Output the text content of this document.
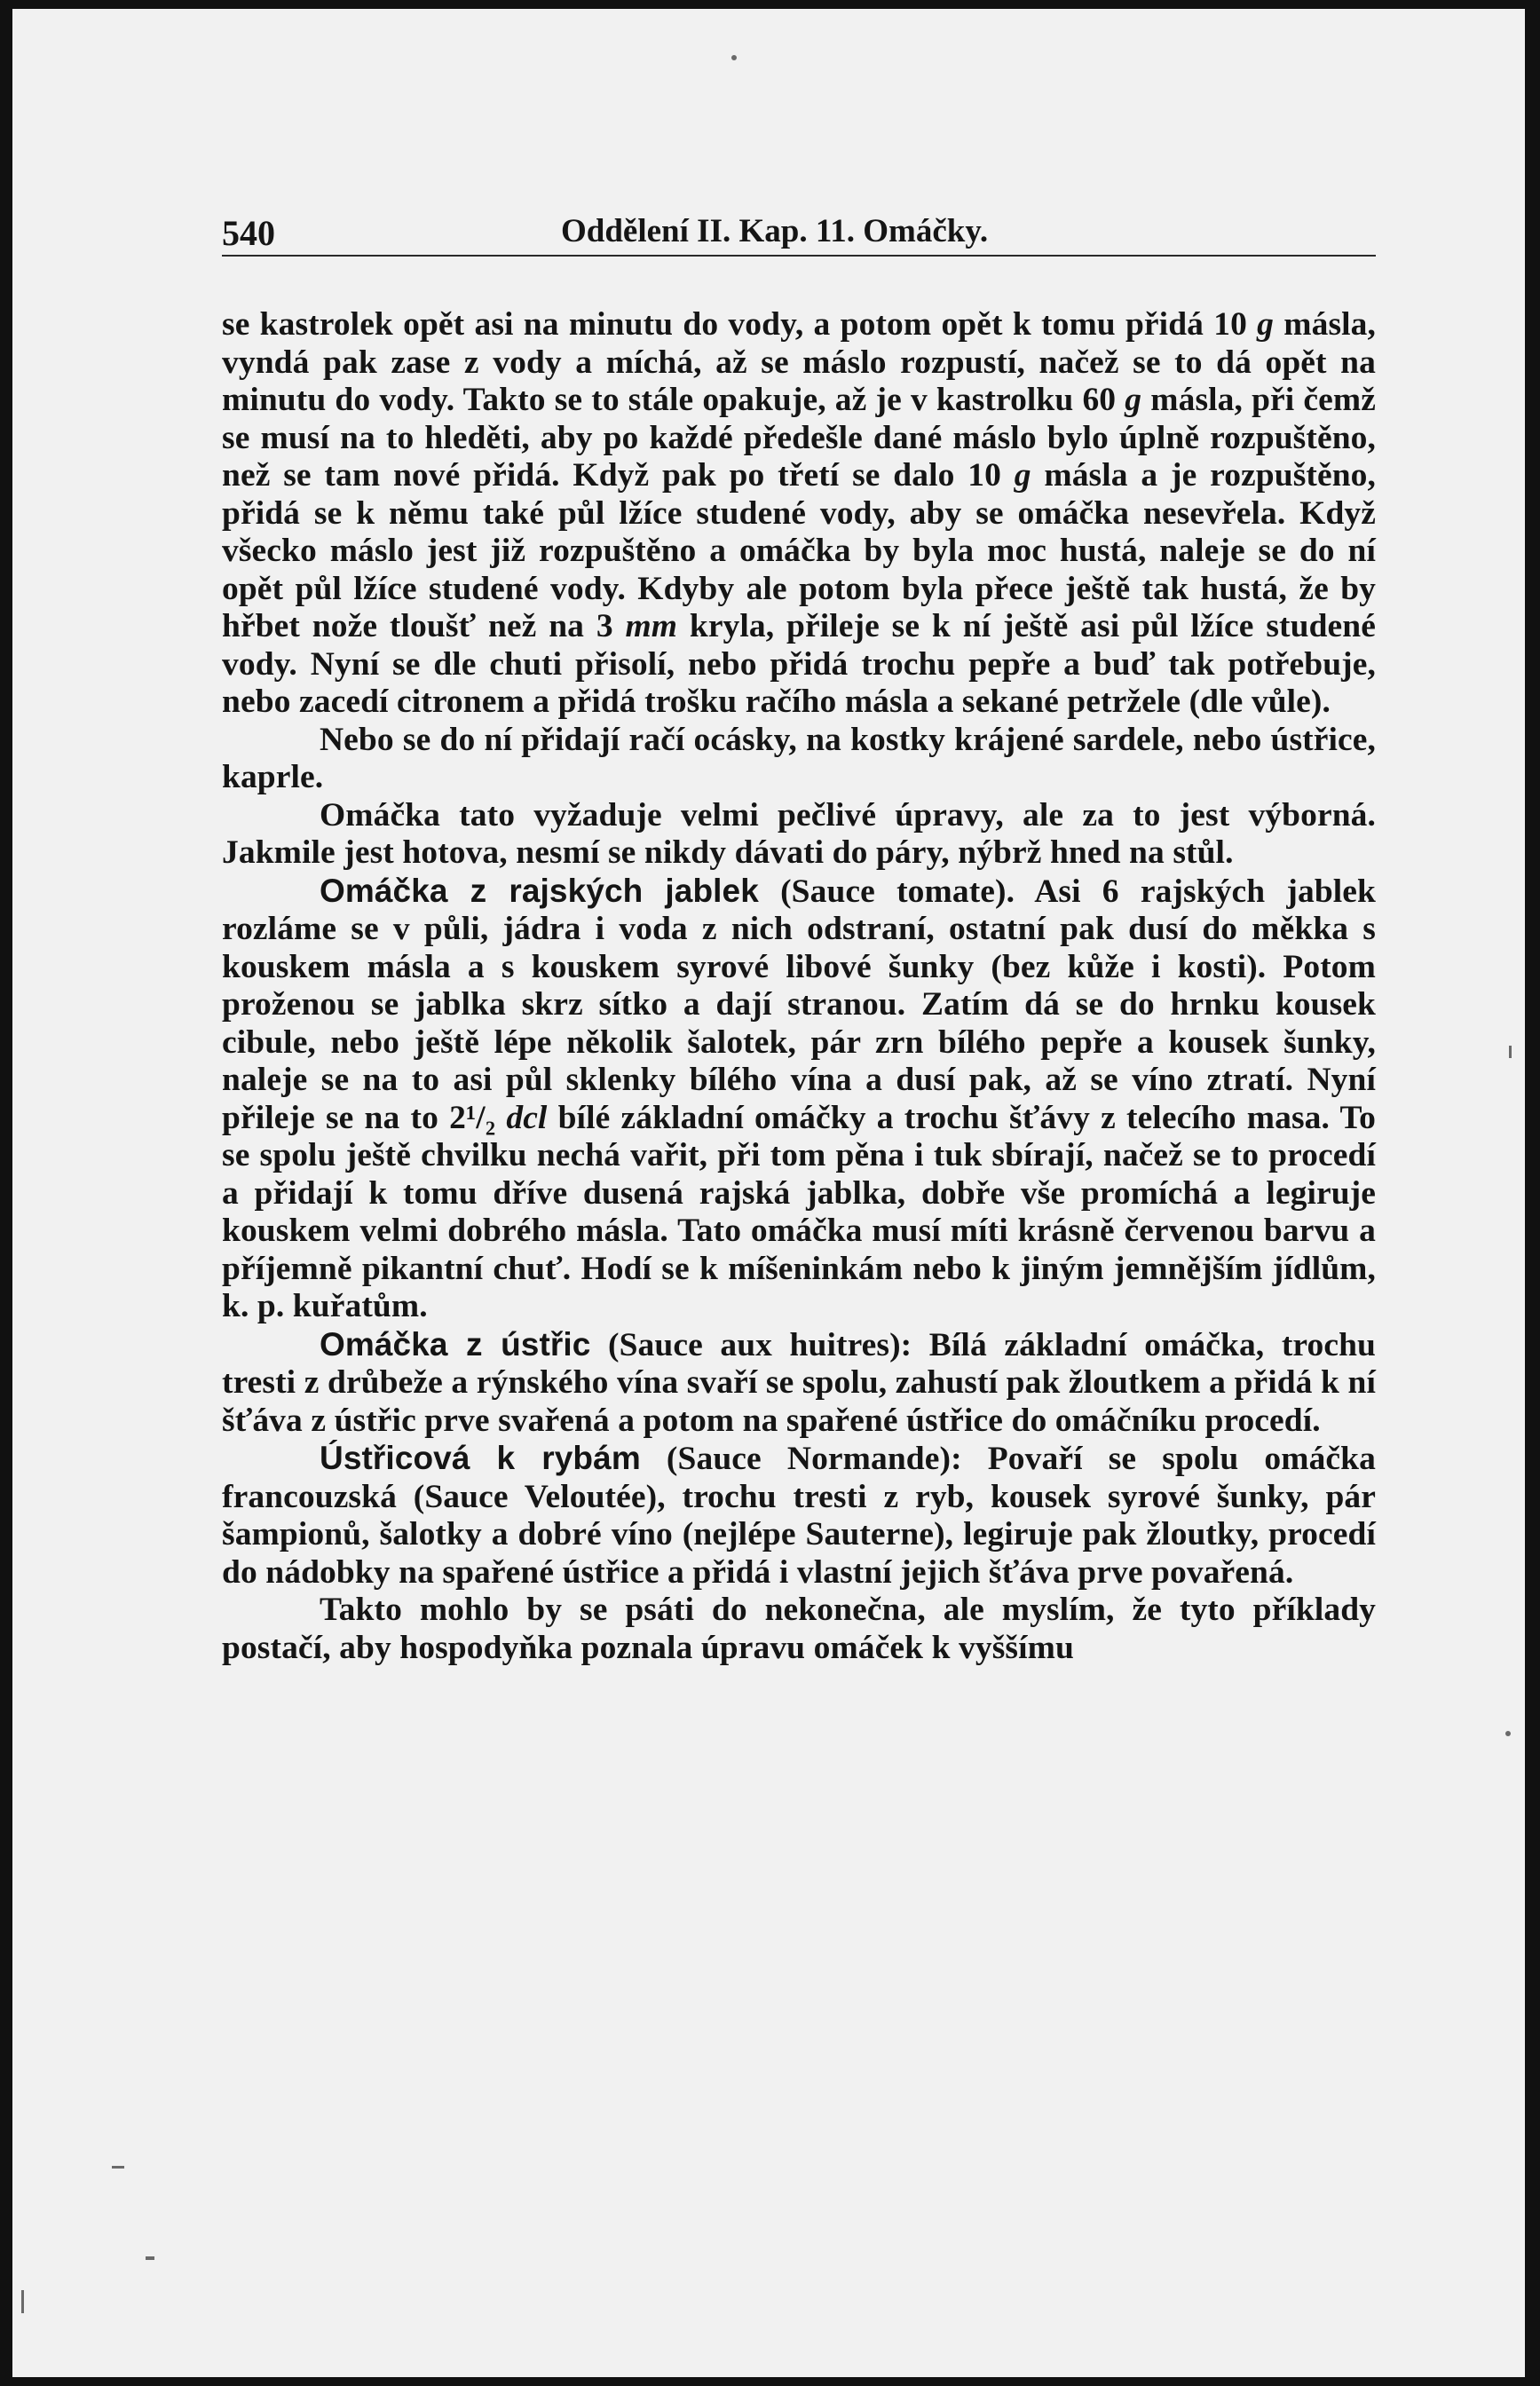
540	Oddělení II. Kap. 11. Omáčky.

se kastrolek opět asi na minutu do vody, a potom opět k tomu přidá 10 g másla, vyndá pak zase z vody a míchá, až se máslo rozpustí, načež se to dá opět na minutu do vody. Takto se to stále opakuje, až je v kastrolku 60 g másla, při čemž se musí na to hleděti, aby po každé předešle dané máslo bylo úplně rozpuštěno, než se tam nové přidá. Když pak po třetí se dalo 10 g másla a je rozpuštěno, přidá se k němu také půl lžíce studené vody, aby se omáčka nesevřela. Když všecko máslo jest již rozpuštěno a omáčka by byla moc hustá, naleje se do ní opět půl lžíce studené vody. Kdyby ale potom byla přece ještě tak hustá, že by hřbet nože tloušť než na 3 mm kryla, přileje se k ní ještě asi půl lžíce studené vody. Nyní se dle chuti přisolí, nebo přidá trochu pepře a buď tak potřebuje, nebo zacedí citronem a přidá trošku račího másla a sekané petržele (dle vůle).

Nebo se do ní přidají račí ocásky, na kostky krájené sardele, nebo ústřice, kaprle.

Omáčka tato vyžaduje velmi pečlivé úpravy, ale za to jest výborná. Jakmile jest hotova, nesmí se nikdy dávati do páry, nýbrž hned na stůl.

Omáčka z rajských jablek (Sauce tomate). Asi 6 rajských jablek rozláme se v půli, jádra i voda z nich odstraní, ostatní pak dusí do měkka s kouskem másla a s kouskem syrové libové šunky (bez kůže i kosti). Potom proženou se jablka skrz sítko a dají stranou. Zatím dá se do hrnku kousek cibule, nebo ještě lépe několik šalotek, pár zrn bílého pepře a kousek šunky, naleje se na to asi půl sklenky bílého vína a dusí pak, až se víno ztratí. Nyní přileje se na to 2¹/₂ dcl bílé základní omáčky a trochu šťávy z telecího masa. To se spolu ještě chvilku nechá vařit, při tom pěna i tuk sbírají, načež se to procedí a přidají k tomu dříve dusená rajská jablka, dobře vše promíchá a legiruje kouskem velmi dobrého másla. Tato omáčka musí míti krásně červenou barvu a příjemně pikantní chuť. Hodí se k míšeninkám nebo k jiným jemnějším jídlům, k. p. kuřatům.

Omáčka z ústřic (Sauce aux huitres): Bílá základní omáčka, trochu tresti z drůbeže a rýnského vína svaří se spolu, zahustí pak žloutkem a přidá k ní šťáva z ústřic prve svařená a potom na spařené ústřice do omáčníku procedí.

Ústřicová k rybám (Sauce Normande): Povaří se spolu omáčka francouzská (Sauce Veloutée), trochu tresti z ryb, kousek syrové šunky, pár šampionů, šalotky a dobré víno (nejlépe Sauterne), legiruje pak žloutky, procedí do nádobky na spařené ústřice a přidá i vlastní jejich šťáva prve povařená.

Takto mohlo by se psáti do nekonečna, ale myslím, že tyto příklady postačí, aby hospodyňka poznala úpravu omáček k vyššímu
